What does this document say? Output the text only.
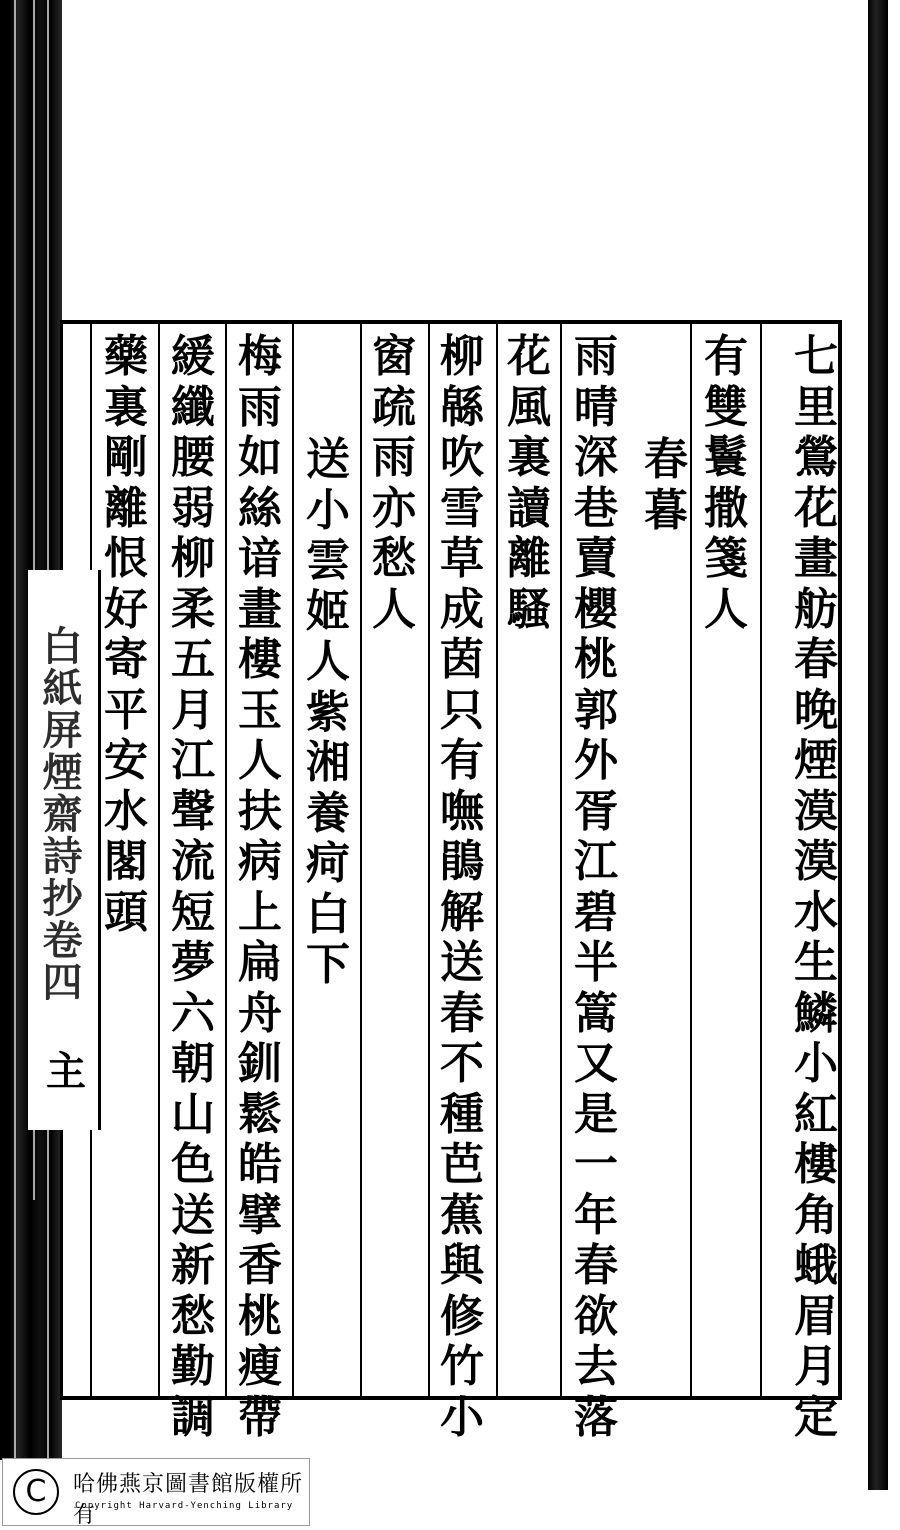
七
里
鶯
花
畫
舫
春
晚
煙
漠
漠
水
生
鱗
小
紅
樓
角
蛾
眉
月
定
有
雙
鬟
撒
箋
人
春
暮
雨
晴
深
巷
賣
櫻
桃
郭
外
胥
江
碧
半
篙
又
是
一
年
春
欲
去
落
花
風
裏
讀
離
騷
柳
緜
吹
雪
草
成
茵
只
有
嘸
鵑
解
送
春
不
種
芭
蕉
與
修
竹
小
窗
疏
雨
亦
愁
人
送
小
雲
姬
人
紫
湘
養
疴
白
下
梅
雨
如
絲
谙
畫
樓
玉
人
扶
病
上
扁
舟
釧
鬆
皓
擘
香
桃
瘦
帶
緩
纖
腰
弱
柳
柔
五
月
江
聲
流
短
夢
六
朝
山
色
送
新
愁
勤
調
藥
裏
剛
離
恨
好
寄
平
安
水
閣
頭
白紙屏煙齋詩抄卷四
主
C	哈佛燕京圖書館版權所有
Copyright Harvard-Yenching Library
